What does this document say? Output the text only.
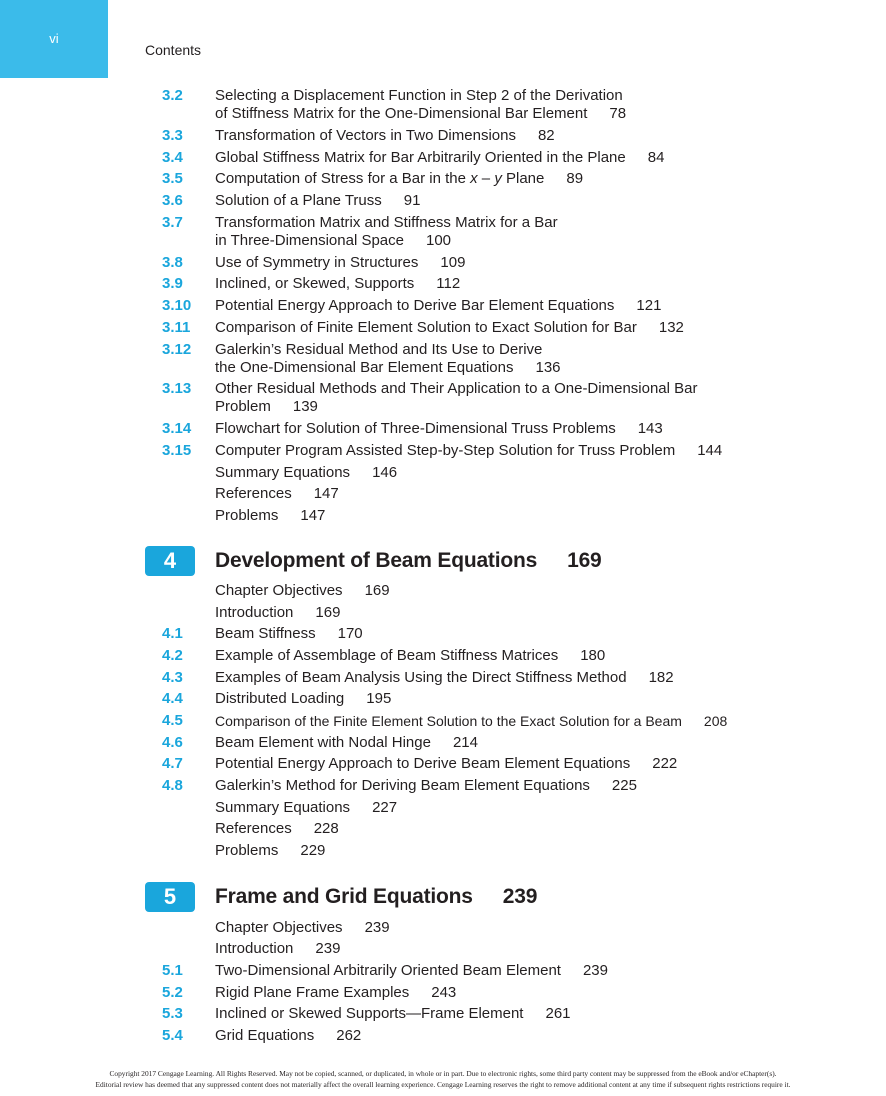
vi
Contents
3.2 Selecting a Displacement Function in Step 2 of the Derivation
of Stiffness Matrix for the One-Dimensional Bar Element 78
3.3 Transformation of Vectors in Two Dimensions 82
3.4 Global Stiffness Matrix for Bar Arbitrarily Oriented in the Plane 84
3.5 Computation of Stress for a Bar in the x – y Plane 89
3.6 Solution of a Plane Truss 91
3.7 Transformation Matrix and Stiffness Matrix for a Bar
in Three-Dimensional Space 100
3.8 Use of Symmetry in Structures 109
3.9 Inclined, or Skewed, Supports 112
3.10 Potential Energy Approach to Derive Bar Element Equations 121
3.11 Comparison of Finite Element Solution to Exact Solution for Bar 132
3.12 Galerkin’s Residual Method and Its Use to Derive
the One-Dimensional Bar Element Equations 136
3.13 Other Residual Methods and Their Application to a One-Dimensional Bar
Problem 139
3.14 Flowchart for Solution of Three-Dimensional Truss Problems 143
3.15 Computer Program Assisted Step-by-Step Solution for Truss Problem 144
Summary Equations 146
References 147
Problems 147
4	Development of Beam Equations 169
Chapter Objectives 169
Introduction 169
4.1 Beam Stiffness 170
4.2 Example of Assemblage of Beam Stiffness Matrices 180
4.3 Examples of Beam Analysis Using the Direct Stiffness Method 182
4.4 Distributed Loading 195
4.5 Comparison of the Finite Element Solution to the Exact Solution for a Beam 208
4.6 Beam Element with Nodal Hinge 214
4.7 Potential Energy Approach to Derive Beam Element Equations 222
4.8 Galerkin’s Method for Deriving Beam Element Equations 225
Summary Equations 227
References 228
Problems 229
5	Frame and Grid Equations 239
Chapter Objectives 239
Introduction 239
5.1 Two-Dimensional Arbitrarily Oriented Beam Element 239
5.2 Rigid Plane Frame Examples 243
5.3 Inclined or Skewed Supports—Frame Element 261
5.4 Grid Equations 262
Copyright 2017 Cengage Learning. All Rights Reserved. May not be copied, scanned, or duplicated, in whole or in part. Due to electronic rights, some third party content may be suppressed from the eBook and/or eChapter(s).
Editorial review has deemed that any suppressed content does not materially affect the overall learning experience. Cengage Learning reserves the right to remove additional content at any time if subsequent rights restrictions require it.
